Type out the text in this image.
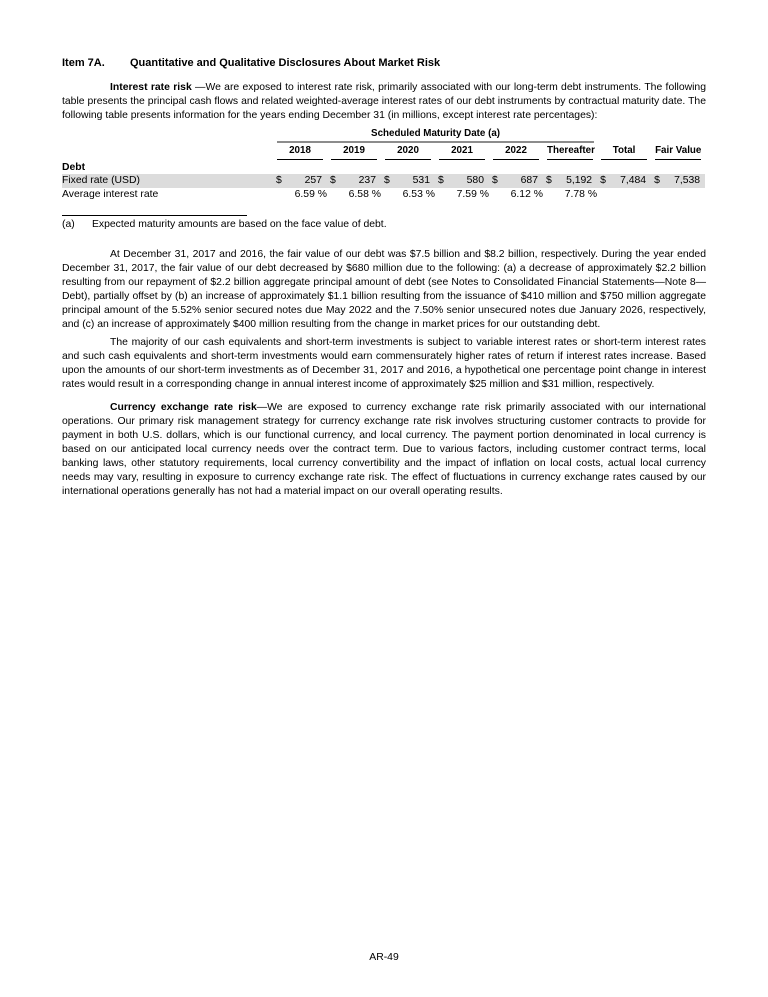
Item 7A.	Quantitative and Qualitative Disclosures About Market Risk

Interest rate risk —We are exposed to interest rate risk, primarily associated with our long-term debt instruments. The following table presents the principal cash flows and related weighted-average interest rates of our debt instruments by contractual maturity date. The following table presents information for the years ending December 31 (in millions, except interest rate percentages):

	Scheduled Maturity Date (a)							

	2018	2019	2020	2021	2022	Thereafter	Total	Fair Value

Debt								
Fixed rate (USD)	$ 257	$ 237	$ 531	$ 580	$ 687	$ 5,192	$ 7,484	$ 7,538

Average interest rate	6.59 %	6.58 %	6.53 %	7.59 %	6.12 %	7.78 %		

(a)	Expected maturity amounts are based on the face value of debt.

At December 31, 2017 and 2016, the fair value of our debt was $7.5 billion and $8.2 billion, respectively. During the year ended December 31, 2017, the fair value of our debt decreased by $680 million due to the following: (a) a decrease of approximately $2.2 billion resulting from our repayment of $2.2 billion aggregate principal amount of debt (see Notes to Consolidated Financial Statements—Note 8—Debt), partially offset by (b) an increase of approximately $1.1 billion resulting from the issuance of $410 million and $750 million aggregate principal amount of the 5.52% senior secured notes due May 2022 and the 7.50% senior unsecured notes due January 2026, respectively, and (c) an increase of approximately $400 million resulting from the change in market prices for our outstanding debt.

The majority of our cash equivalents and short-term investments is subject to variable interest rates or short-term interest rates and such cash equivalents and short-term investments would earn commensurately higher rates of return if interest rates increase. Based upon the amounts of our short-term investments as of December 31, 2017 and 2016, a hypothetical one percentage point change in interest rates would result in a corresponding change in annual interest income of approximately $25 million and $31 million, respectively.

Currency exchange rate risk—We are exposed to currency exchange rate risk primarily associated with our international operations. Our primary risk management strategy for currency exchange rate risk involves structuring customer contracts to provide for payment in both U.S. dollars, which is our functional currency, and local currency. The payment portion denominated in local currency is based on our anticipated local currency needs over the contract term. Due to various factors, including customer contract terms, local banking laws, other statutory requirements, local currency convertibility and the impact of inflation on local costs, actual local currency needs may vary, resulting in exposure to currency exchange rate risk. The effect of fluctuations in currency exchange rates caused by our international operations generally has not had a material impact on our overall operating results.

AR-49
